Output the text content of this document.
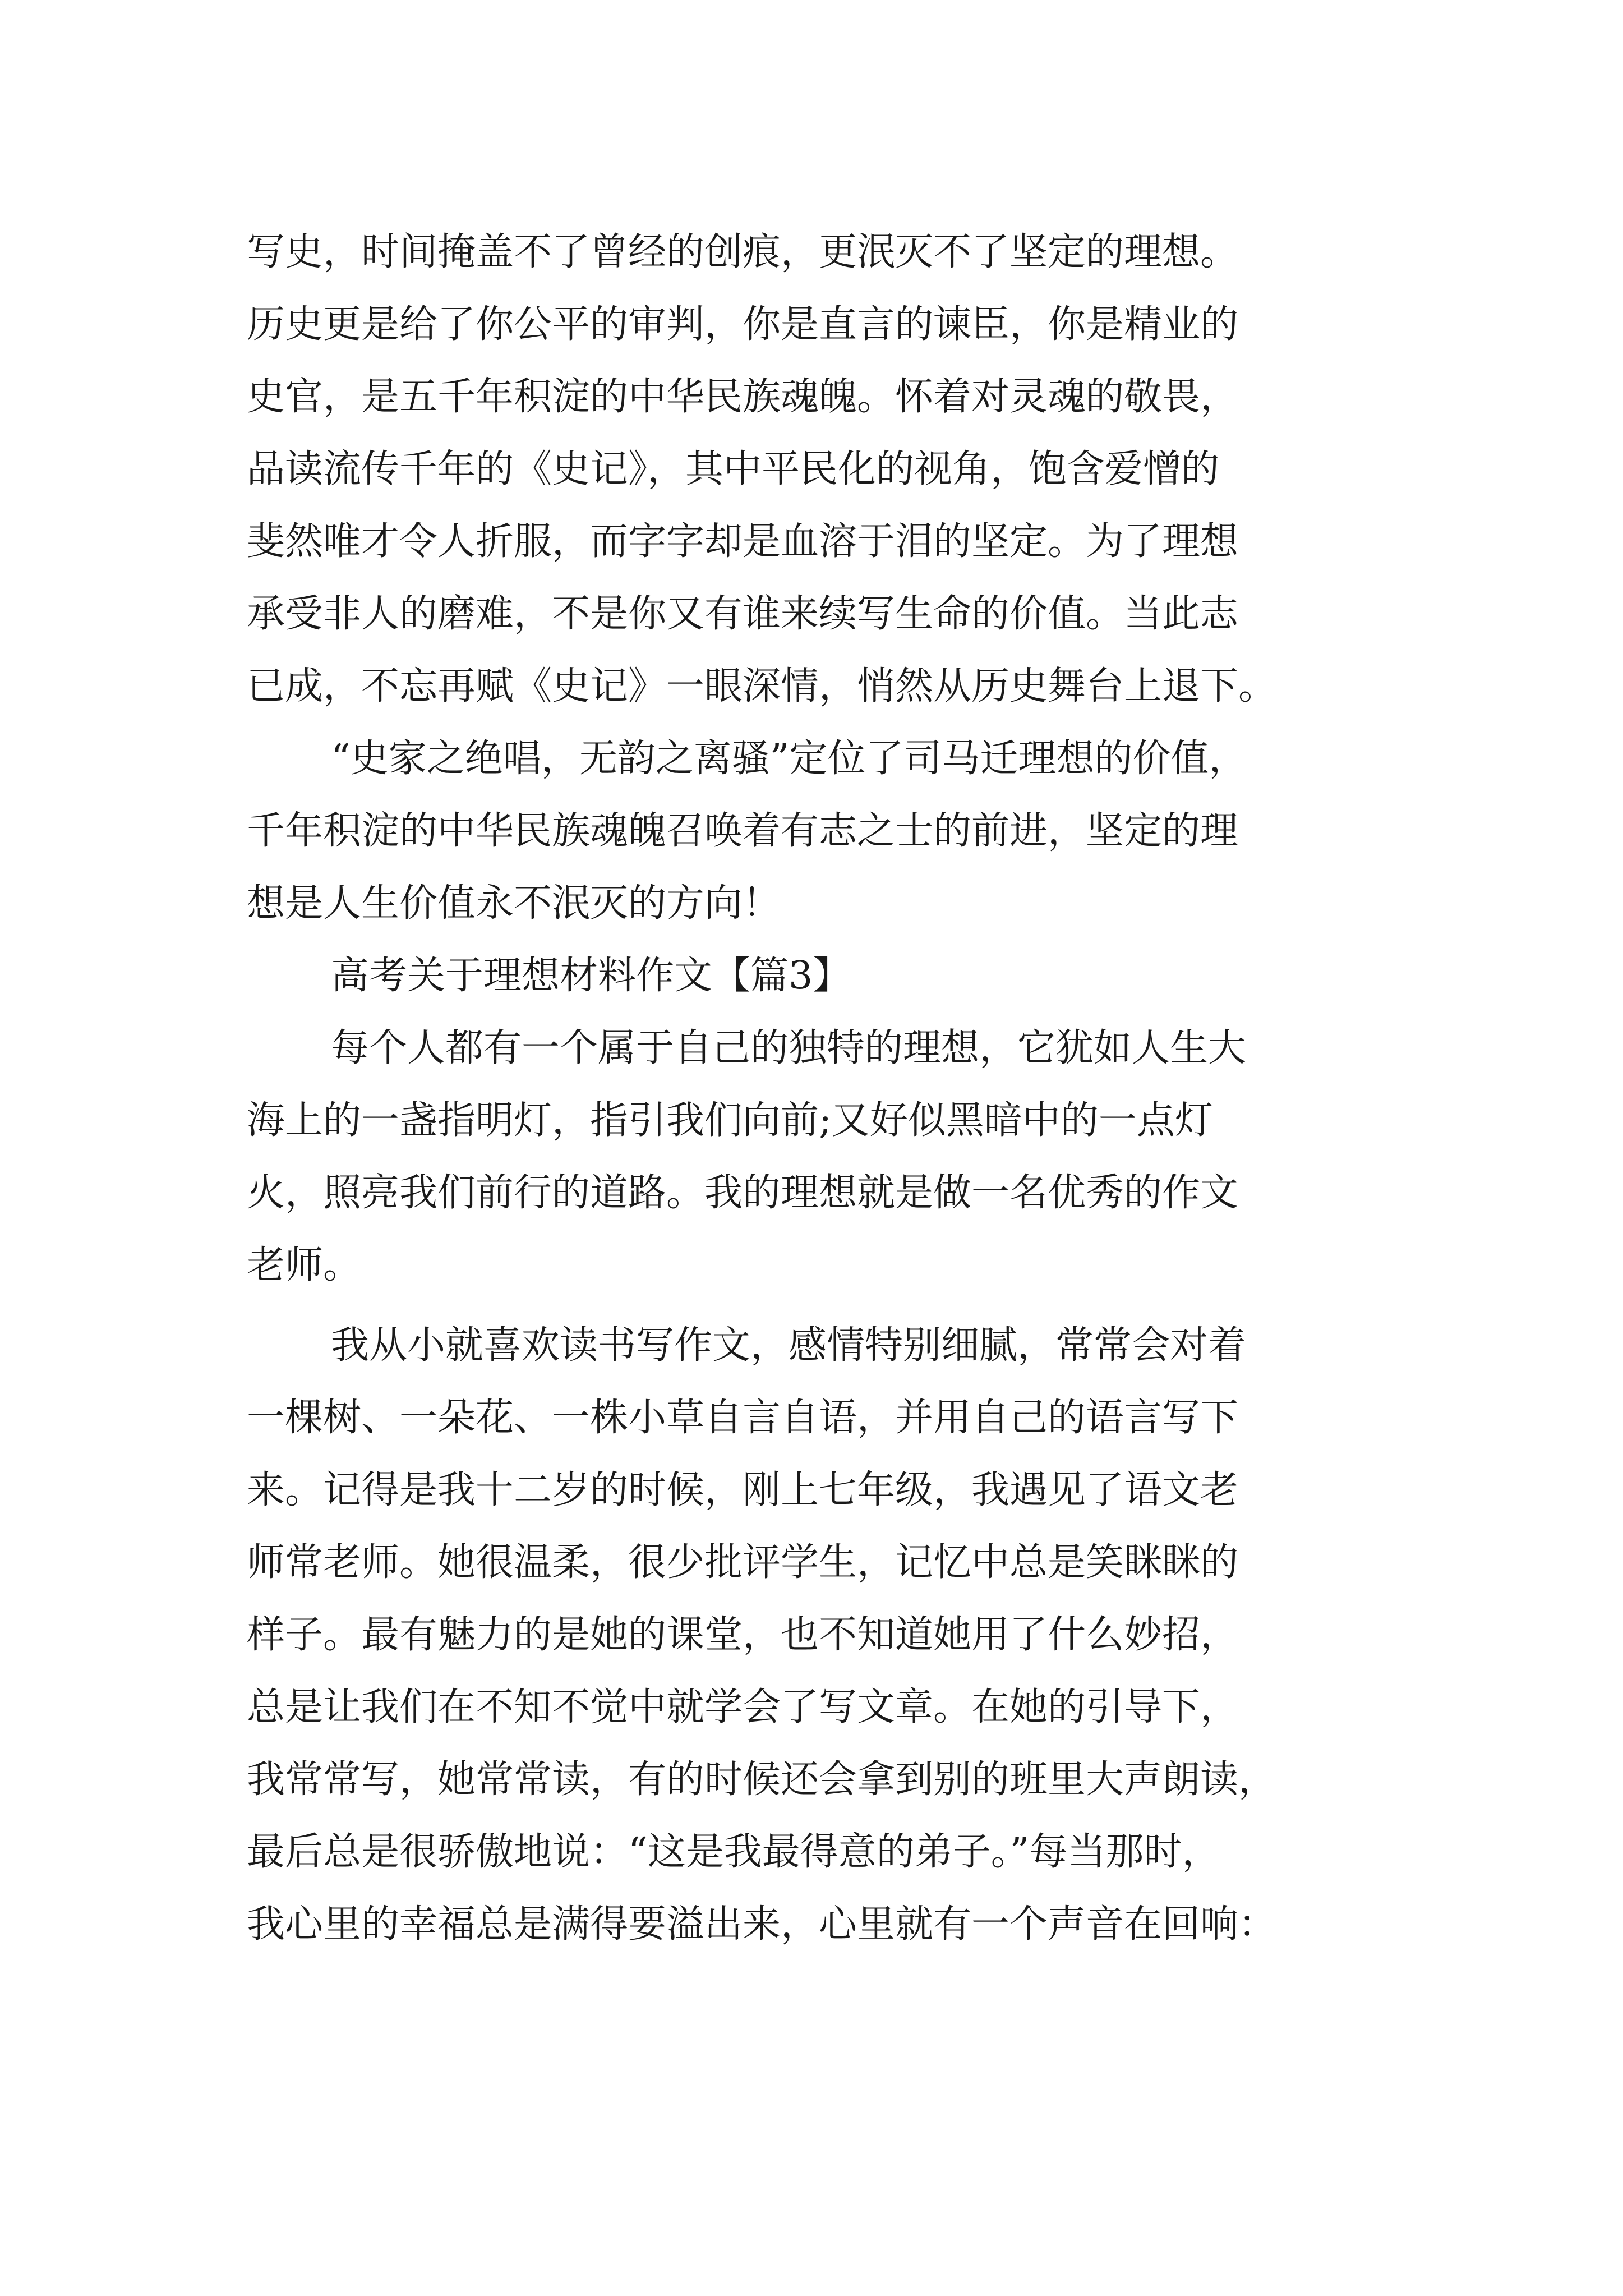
写史，时间掩盖不了曾经的创痕，更泯灭不了坚定的理想。
历史更是给了你公平的审判，你是直言的谏臣，你是精业的
史官，是五千年积淀的中华民族魂魄。怀着对灵魂的敬畏，
品读流传千年的《史记》，其中平民化的视角，饱含爱憎的
斐然唯才令人折服，而字字却是血溶于泪的坚定。为了理想
承受非人的磨难，不是你又有谁来续写生命的价值。当此志
已成，不忘再赋《史记》一眼深情，悄然从历史舞台上退下。
“史家之绝唱，无韵之离骚”定位了司马迁理想的价值，
千年积淀的中华民族魂魄召唤着有志之士的前进，坚定的理
想是人生价值永不泯灭的方向！
高考关于理想材料作文【篇3】
每个人都有一个属于自己的独特的理想，它犹如人生大
海上的一盏指明灯，指引我们向前;又好似黑暗中的一点灯
火，照亮我们前行的道路。我的理想就是做一名优秀的作文
老师。
我从小就喜欢读书写作文，感情特别细腻，常常会对着
一棵树、一朵花、一株小草自言自语，并用自己的语言写下
来。记得是我十二岁的时候，刚上七年级，我遇见了语文老
师常老师。她很温柔，很少批评学生，记忆中总是笑眯眯的
样子。最有魅力的是她的课堂，也不知道她用了什么妙招，
总是让我们在不知不觉中就学会了写文章。在她的引导下，
我常常写，她常常读，有的时候还会拿到别的班里大声朗读，
最后总是很骄傲地说：“这是我最得意的弟子。”每当那时，
我心里的幸福总是满得要溢出来，心里就有一个声音在回响：
